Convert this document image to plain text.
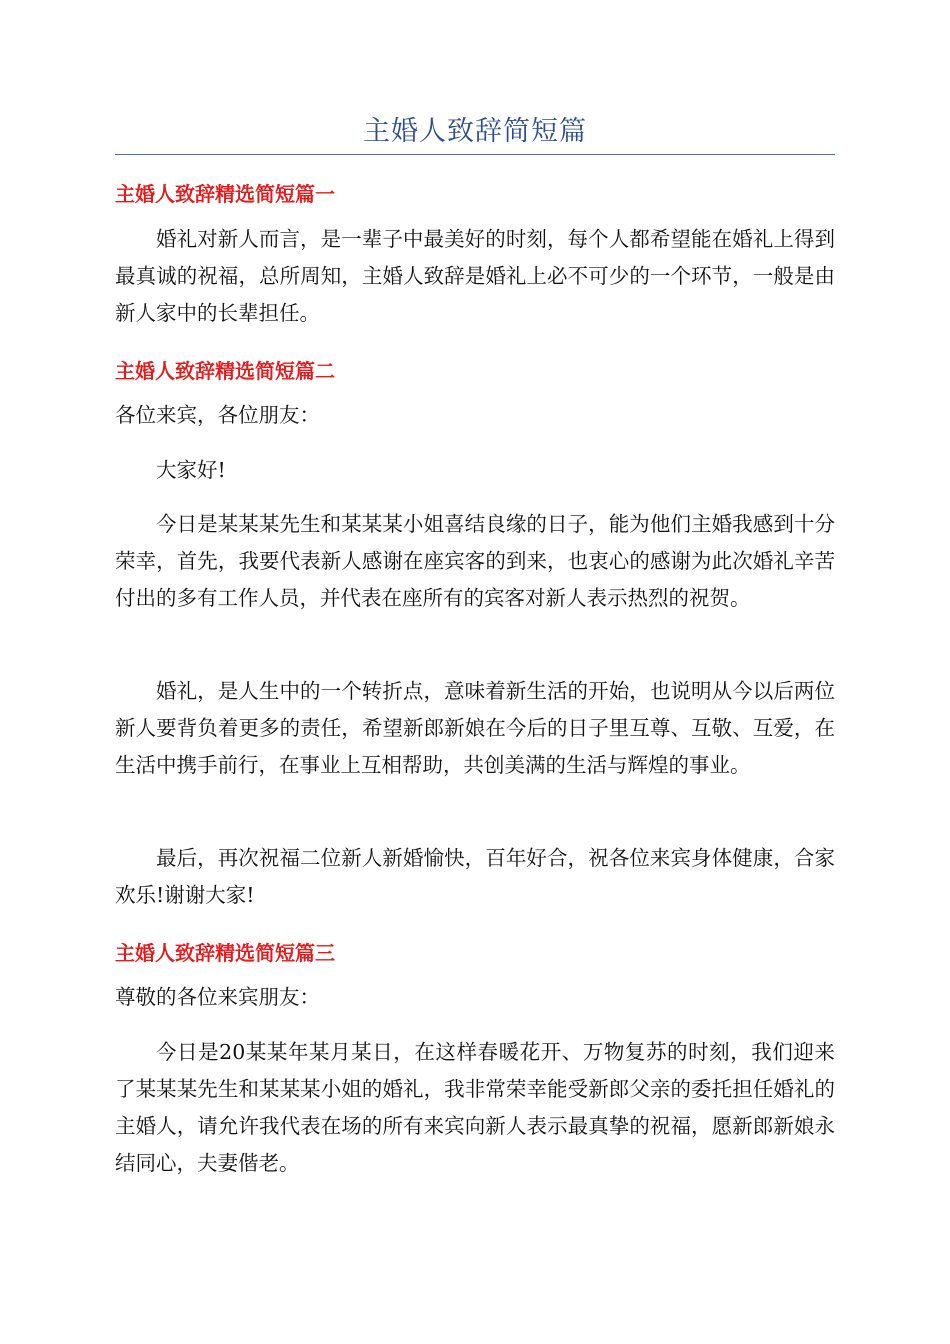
主婚人致辞简短篇
主婚人致辞精选简短篇一
婚礼对新人而言，是一辈子中最美好的时刻，每个人都希望能在婚礼上得到最真诚的祝福，总所周知，主婚人致辞是婚礼上必不可少的一个环节，一般是由新人家中的长辈担任。
主婚人致辞精选简短篇二
各位来宾，各位朋友：
大家好!
今日是某某某先生和某某某小姐喜结良缘的日子，能为他们主婚我感到十分荣幸，首先，我要代表新人感谢在座宾客的到来，也衷心的感谢为此次婚礼辛苦付出的多有工作人员，并代表在座所有的宾客对新人表示热烈的祝贺。
婚礼，是人生中的一个转折点，意味着新生活的开始，也说明从今以后两位新人要背负着更多的责任，希望新郎新娘在今后的日子里互尊、互敬、互爱，在生活中携手前行，在事业上互相帮助，共创美满的生活与辉煌的事业。
最后，再次祝福二位新人新婚愉快，百年好合，祝各位来宾身体健康，合家欢乐!谢谢大家!
主婚人致辞精选简短篇三
尊敬的各位来宾朋友：
今日是20某某年某月某日，在这样春暖花开、万物复苏的时刻，我们迎来了某某某先生和某某某小姐的婚礼，我非常荣幸能受新郎父亲的委托担任婚礼的主婚人，请允许我代表在场的所有来宾向新人表示最真挚的祝福，愿新郎新娘永结同心，夫妻偕老。
